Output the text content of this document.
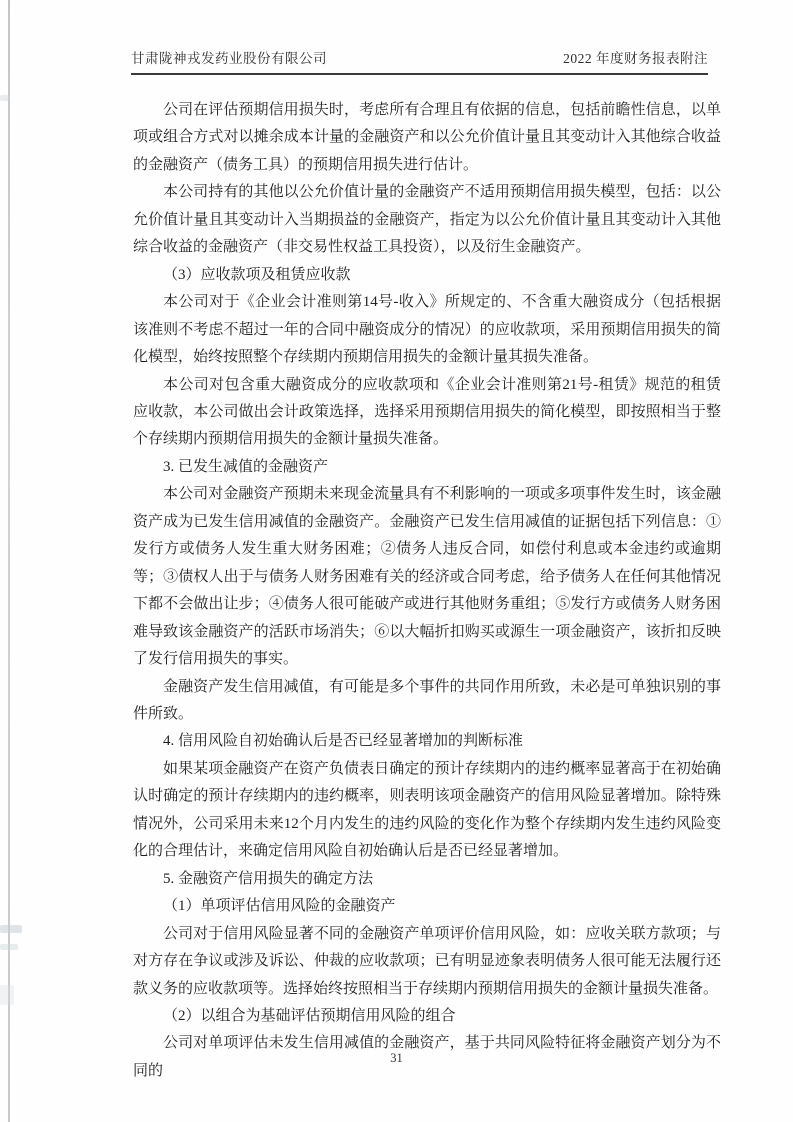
甘肃陇神戎发药业股份有限公司	2022 年度财务报表附注

公司在评估预期信用损失时，考虑所有合理且有依据的信息，包括前瞻性信息，以单项或组合方式对以摊余成本计量的金融资产和以公允价值计量且其变动计入其他综合收益的金融资产（债务工具）的预期信用损失进行估计。

本公司持有的其他以公允价值计量的金融资产不适用预期信用损失模型，包括：以公允价值计量且其变动计入当期损益的金融资产，指定为以公允价值计量且其变动计入其他综合收益的金融资产（非交易性权益工具投资），以及衍生金融资产。

（3）应收款项及租赁应收款

本公司对于《企业会计准则第14号-收入》所规定的、不含重大融资成分（包括根据该准则不考虑不超过一年的合同中融资成分的情况）的应收款项，采用预期信用损失的简化模型，始终按照整个存续期内预期信用损失的金额计量其损失准备。

本公司对包含重大融资成分的应收款项和《企业会计准则第21号-租赁》规范的租赁应收款，本公司做出会计政策选择，选择采用预期信用损失的简化模型，即按照相当于整个存续期内预期信用损失的金额计量损失准备。

3. 已发生减值的金融资产

本公司对金融资产预期未来现金流量具有不利影响的一项或多项事件发生时，该金融资产成为已发生信用减值的金融资产。金融资产已发生信用减值的证据包括下列信息：①发行方或债务人发生重大财务困难；②债务人违反合同，如偿付利息或本金违约或逾期等；③债权人出于与债务人财务困难有关的经济或合同考虑，给予债务人在任何其他情况下都不会做出让步；④债务人很可能破产或进行其他财务重组；⑤发行方或债务人财务困难导致该金融资产的活跃市场消失；⑥以大幅折扣购买或源生一项金融资产，该折扣反映了发行信用损失的事实。

金融资产发生信用减值，有可能是多个事件的共同作用所致，未必是可单独识别的事件所致。

4. 信用风险自初始确认后是否已经显著增加的判断标准

如果某项金融资产在资产负债表日确定的预计存续期内的违约概率显著高于在初始确认时确定的预计存续期内的违约概率，则表明该项金融资产的信用风险显著增加。除特殊情况外，公司采用未来12个月内发生的违约风险的变化作为整个存续期内发生违约风险变化的合理估计，来确定信用风险自初始确认后是否已经显著增加。

5. 金融资产信用损失的确定方法

（1）单项评估信用风险的金融资产

公司对于信用风险显著不同的金融资产单项评价信用风险，如：应收关联方款项；与对方存在争议或涉及诉讼、仲裁的应收款项；已有明显迹象表明债务人很可能无法履行还款义务的应收款项等。选择始终按照相当于存续期内预期信用损失的金额计量损失准备。

（2）以组合为基础评估预期信用风险的组合

公司对单项评估未发生信用减值的金融资产，基于共同风险特征将金融资产划分为不同的

31
